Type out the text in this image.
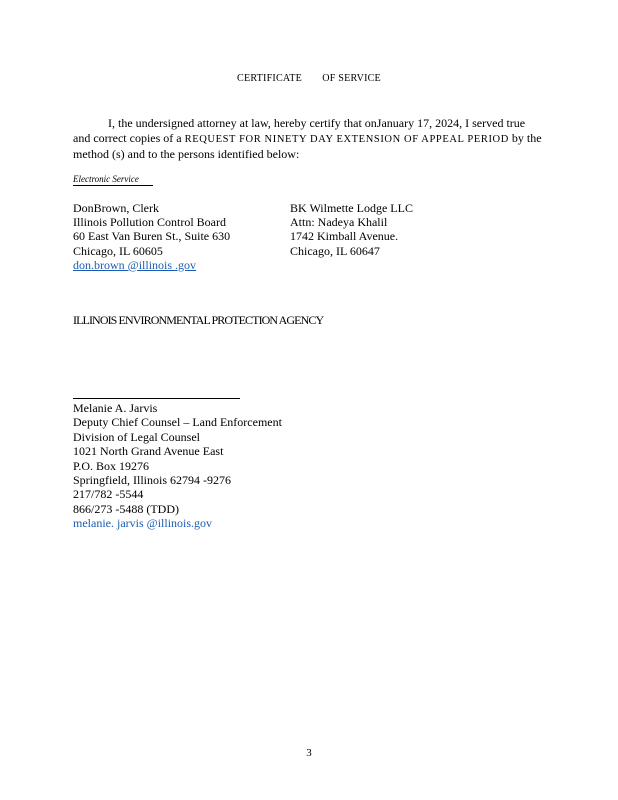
CERTIFICATE OF SERVICE
I, the undersigned attorney at law, hereby certify that onJanuary 17, 2024, I served true and correct copies of a REQUEST FOR NINETY DAY EXTENSION OF APPEAL PERIOD by the method (s) and to the persons identified below:
Electronic Service
DonBrown, Clerk
Illinois Pollution Control Board
60 East Van Buren St., Suite 630
Chicago, IL 60605
don.brown @illinois .gov
BK Wilmette Lodge LLC
Attn: Nadeya Khalil
1742 Kimball Avenue.
Chicago, IL 60647
ILLINOIS ENVIRONMENTAL PROTECTION AGENCY
Melanie A. Jarvis
Deputy Chief Counsel – Land Enforcement
Division of Legal Counsel
1021 North Grand Avenue East
P.O. Box 19276
Springfield, Illinois 62794 -9276
217/782 -5544
866/273 -5488 (TDD)
melanie. jarvis @illinois.gov
3
